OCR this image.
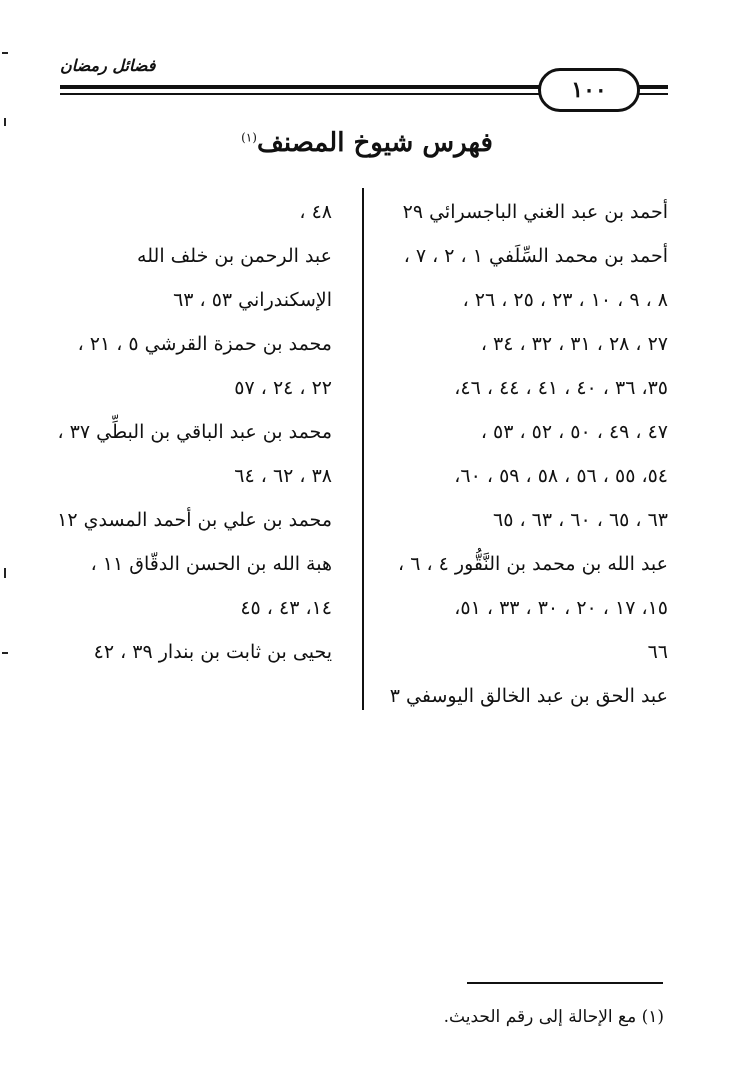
فضائل رمضان
١٠٠
فهرس شيوخ المصنف$^{(١)}$
أحمد بن عبد الغني الباجسرائي ٢٩
أحمد بن محمد السِّلَفي ١ ، ٢ ، ٧ ،
٨ ، ٩ ، ١٠ ، ٢٣ ، ٢٥ ، ٢٦ ،
٢٧ ، ٢٨ ، ٣١ ، ٣٢ ، ٣٤ ،
٣٥، ٣٦ ، ٤٠ ، ٤١ ، ٤٤ ، ٤٦،
٤٧ ، ٤٩ ، ٥٠ ، ٥٢ ، ٥٣ ،
٥٤، ٥٥ ، ٥٦ ، ٥٨ ، ٥٩ ، ٦٠،
٦٣ ، ٦٥ ، ٦٠ ، ٦٣ ، ٦٥
عبد الله بن محمد بن النَّقُّور ٤ ، ٦ ،
١٥، ١٧ ، ٢٠ ، ٣٠ ، ٣٣ ، ٥١،
٦٦
عبد الحق بن عبد الخالق اليوسفي ٣
٤٨ ،
عبد الرحمن بن خلف الله
الإسكندراني ٥٣ ، ٦٣
محمد بن حمزة القرشي ٥ ، ٢١ ،
٢٢ ، ٢٤ ، ٥٧
محمد بن عبد الباقي بن البطِّي ٣٧ ،
٣٨ ، ٦٢ ، ٦٤
محمد بن علي بن أحمد المسدي ١٢
هبة الله بن الحسن الدقّاق ١١ ،
١٤، ٤٣ ، ٤٥
يحيى بن ثابت بن بندار ٣٩ ، ٤٢
(١) مع الإحالة إلى رقم الحديث.
